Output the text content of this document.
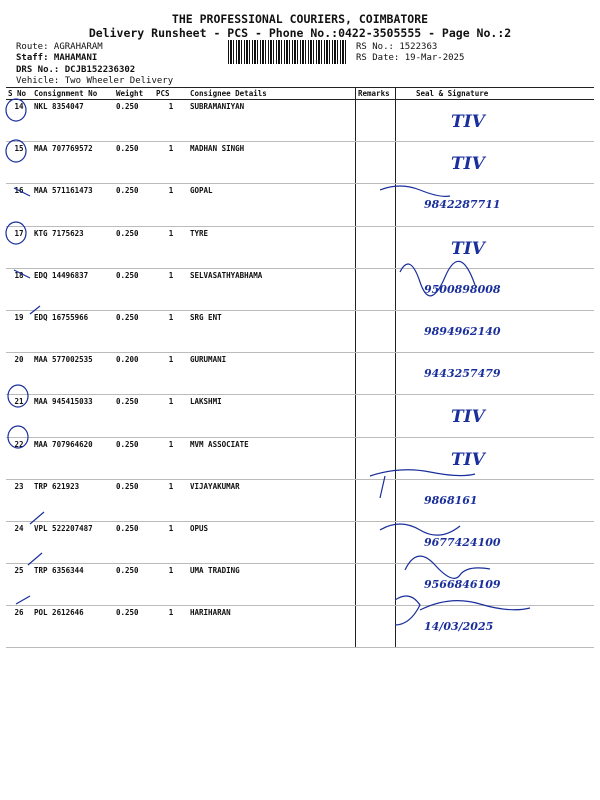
THE PROFESSIONAL COURIERS, COIMBATORE
Delivery Runsheet - PCS - Phone No.:0422-3505555 - Page No.:2
Route: AGRAHARAM
Staff: MAHAMANI
DRS No.: DCJB152236302
Vehicle: Two Wheeler Delivery
RS No.: 1522363
RS Date: 19-Mar-2025
S No	Consignment No	Weight	PCS	Consignee Details	Remarks	Seal & Signature
14	NKL 8354047	0.250	1	SUBRAMANIYAN		TIV

15	MAA 707769572	0.250	1	MADHAN SINGH		TIV

16	MAA 571161473	0.250	1	GOPAL		9842287711

17	KTG 7175623	0.250	1	TYRE		TIV

18	EDQ 14496837	0.250	1	SELVASATHYABHAMA		9500898008

19	EDQ 16755966	0.250	1	SRG ENT		9894962140

20	MAA 577002535	0.200	1	GURUMANI		9443257479

21	MAA 945415033	0.250	1	LAKSHMI		TIV

22	MAA 707964620	0.250	1	MVM ASSOCIATE		TIV

23	TRP 621923	0.250	1	VIJAYAKUMAR		9868161

24	VPL 522207487	0.250	1	OPUS		9677424100

25	TRP 6356344	0.250	1	UMA TRADING		9566846109

26	POL 2612646	0.250	1	HARIHARAN		14/03/2025
